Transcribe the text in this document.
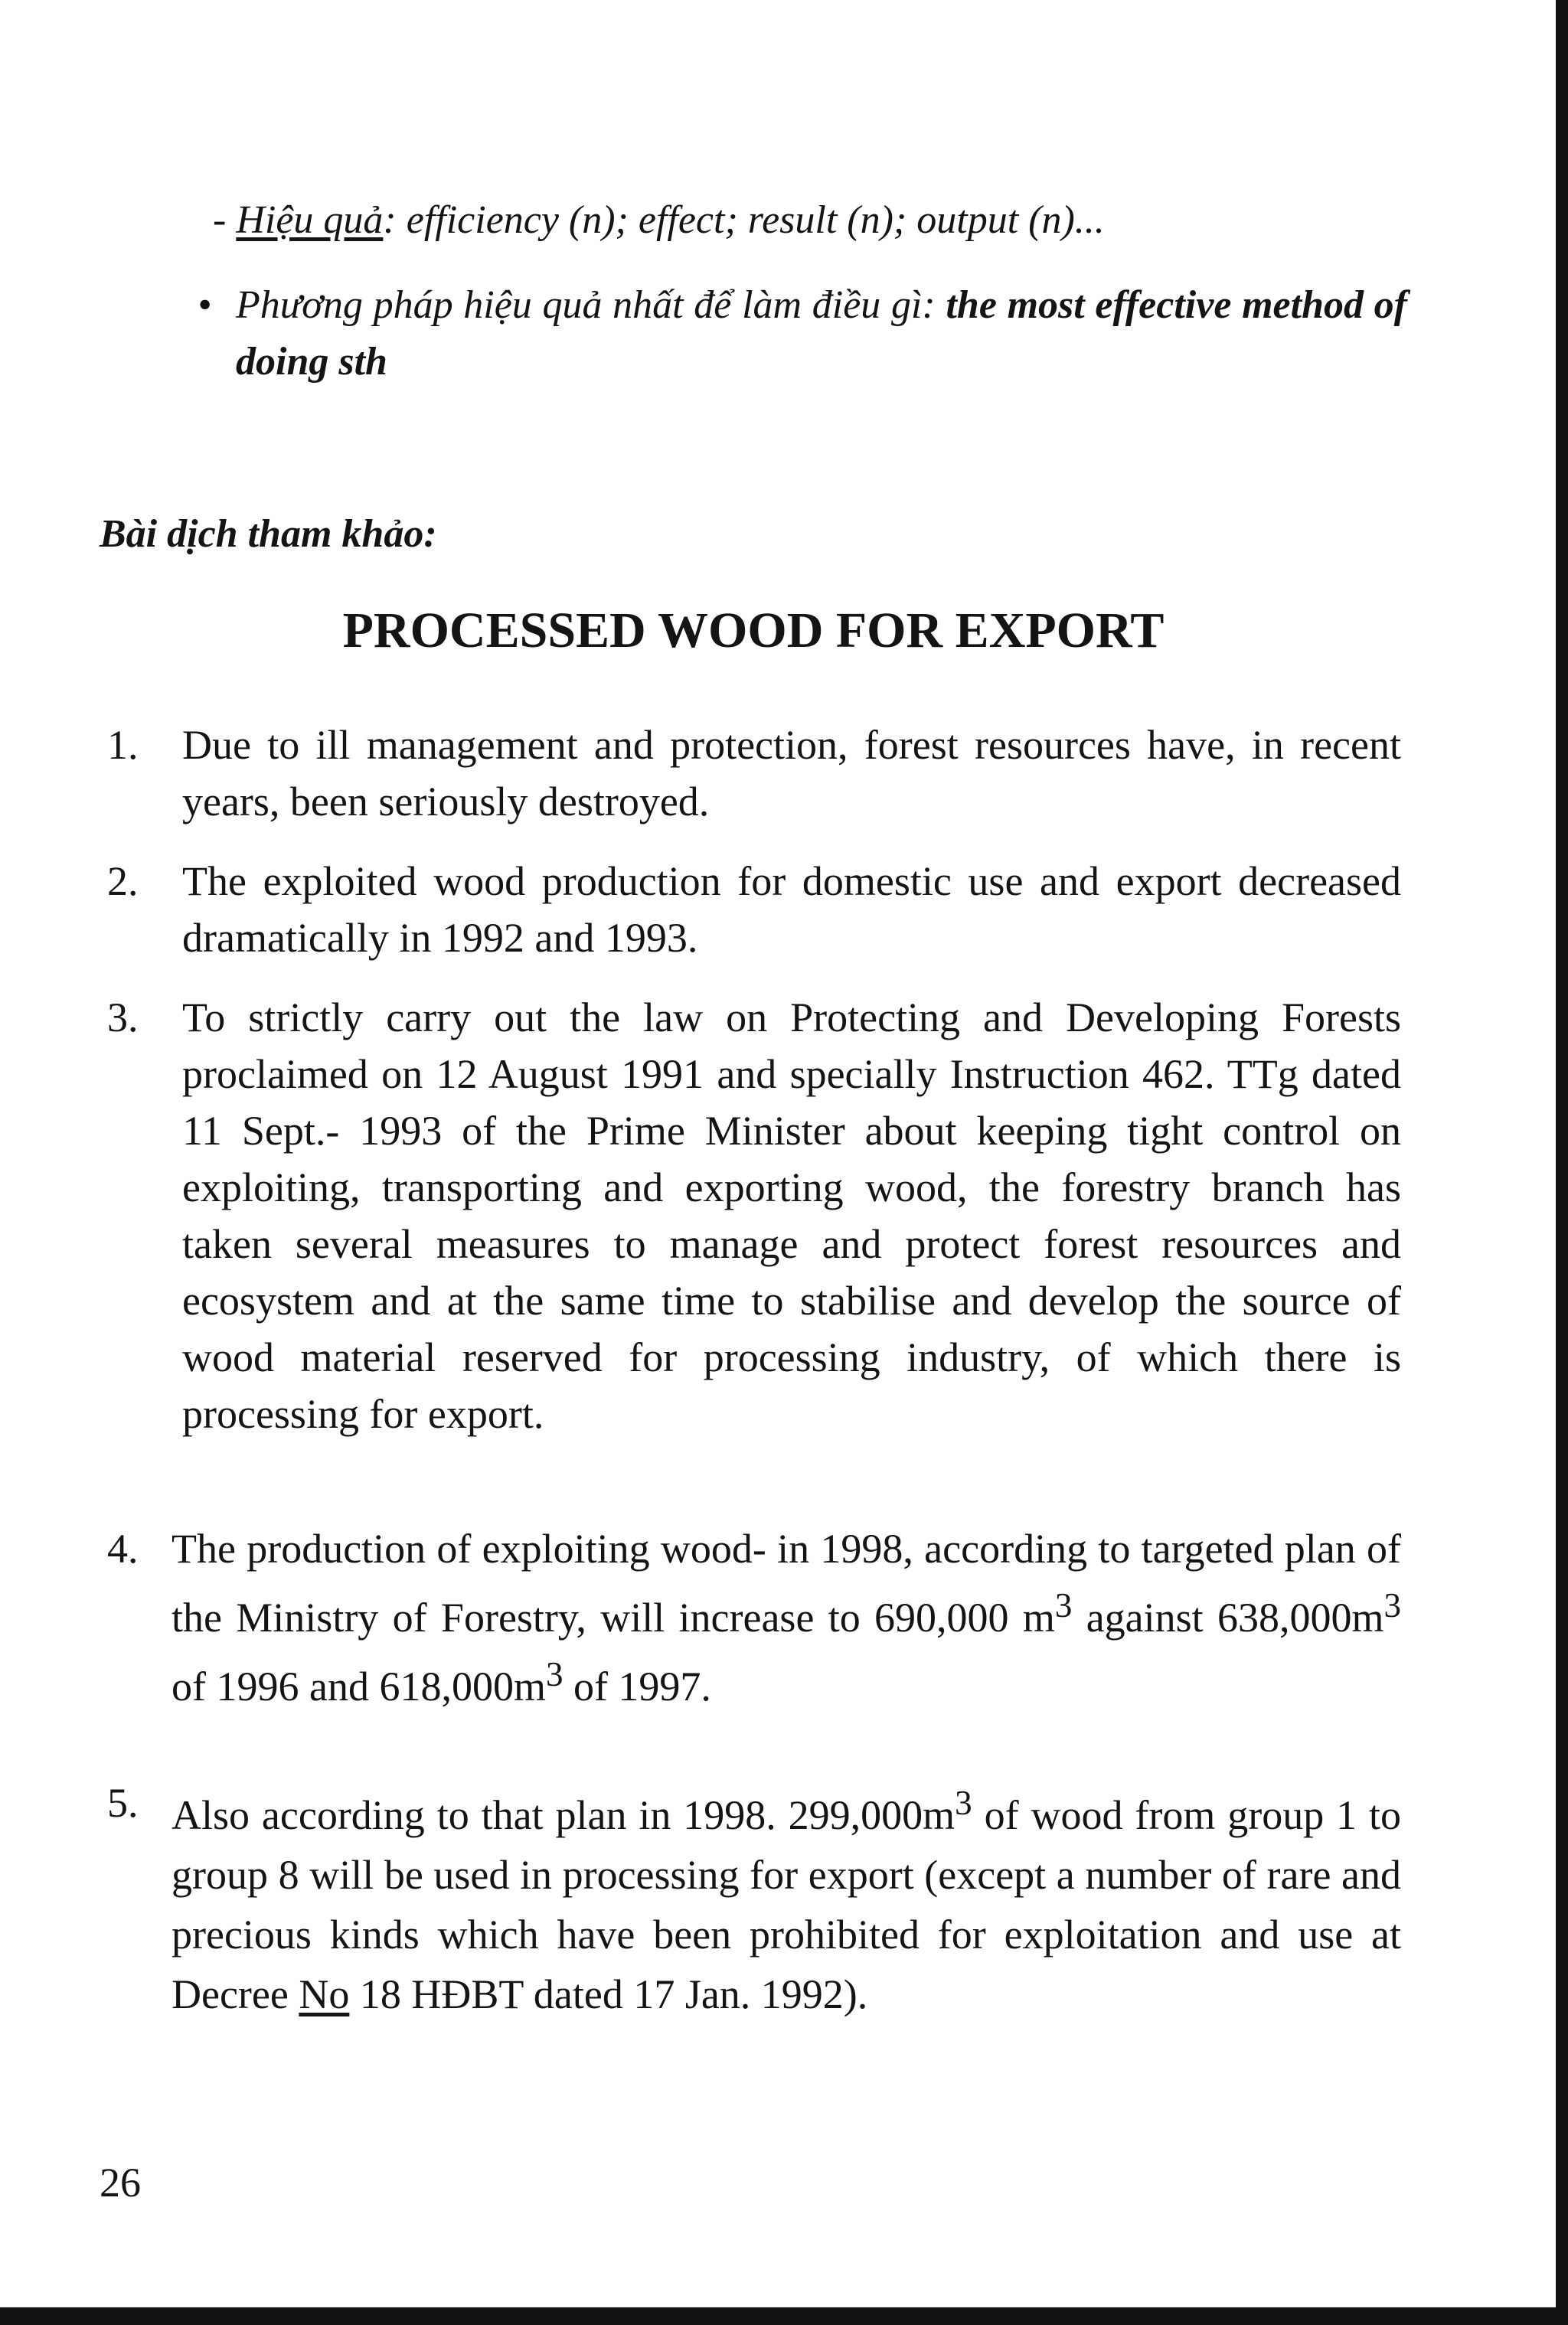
- Hiệu quả: efficiency (n); effect; result (n); output (n)...
• Phương pháp hiệu quả nhất để làm điều gì: the most effective method of doing sth
Bài dịch tham khảo:
PROCESSED WOOD FOR EXPORT
1. Due to ill management and protection, forest resources have, in recent years, been seriously destroyed.
2. The exploited wood production for domestic use and export decreased dramatically in 1992 and 1993.
3. To strictly carry out the law on Protecting and Developing Forests proclaimed on 12 August 1991 and specially Instruction 462. TTg dated 11 Sept.- 1993 of the Prime Minister about keeping tight control on exploiting, transporting and exporting wood, the forestry branch has taken several measures to manage and protect forest resources and ecosystem and at the same time to stabilise and develop the source of wood material reserved for processing industry, of which there is processing for export.
4. The production of exploiting wood- in 1998, according to targeted plan of the Ministry of Forestry, will increase to 690,000 $m^3$ against $638,000m^3$ of 1996 and $618,000m^3$ of 1997.
5. Also according to that plan in 1998. $299,000m^3$ of wood from group 1 to group 8 will be used in processing for export (except a number of rare and precious kinds which have been prohibited for exploitation and use at Decree No 18 HĐBT dated 17 Jan. 1992).
26
